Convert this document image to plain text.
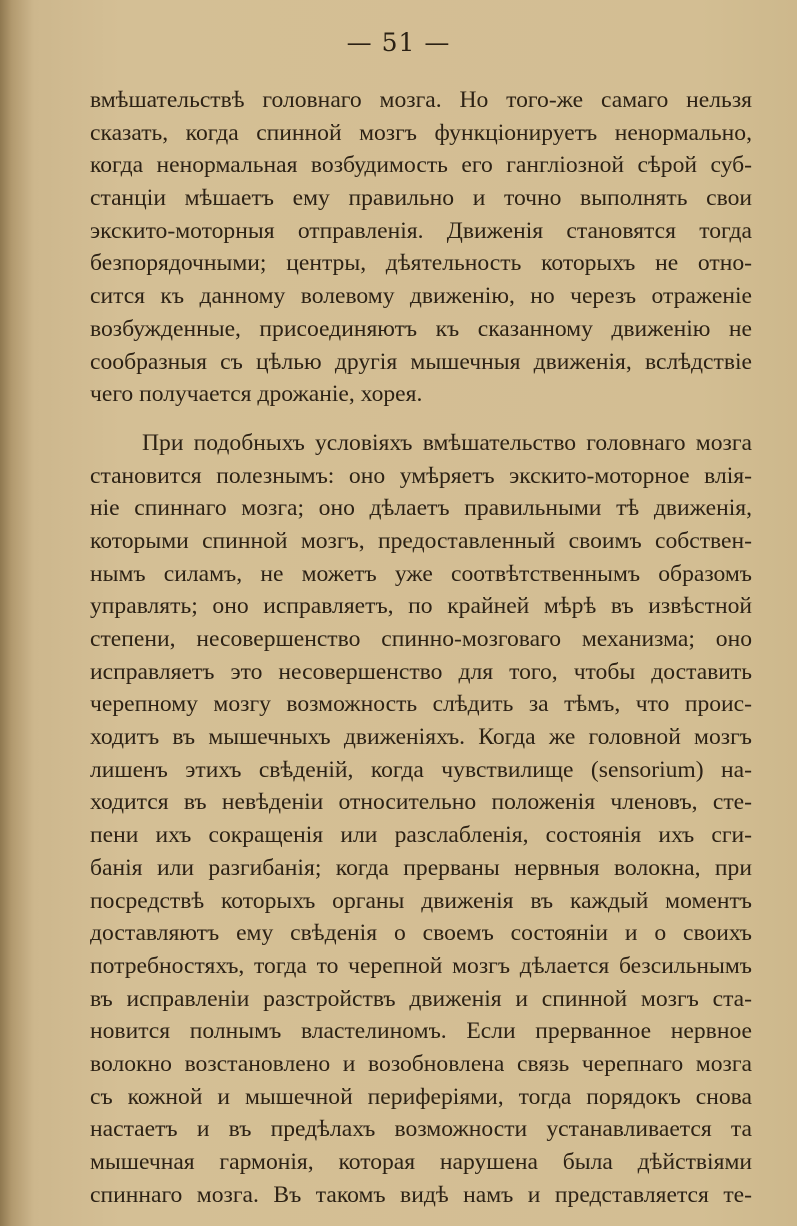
— 51 —
вмѣшательствѣ головнаго мозга. Но того-же самаго нельзя
сказать, когда спинной мозгъ функціонируетъ ненормально,
когда ненормальная возбудимость его гангліозной сѣрой суб-
станціи мѣшаетъ ему правильно и точно выполнять свои
экскито-моторныя отправленія. Движенія становятся тогда
безпорядочными; центры, дѣятельность которыхъ не отно-
сится къ данному волевому движенію, но черезъ отраженіе
возбужденные, присоединяютъ къ сказанному движенію не
сообразныя съ цѣлью другія мышечныя движенія, вслѣдствіе
чего получается дрожаніе, хорея.
При подобныхъ условіяхъ вмѣшательство головнаго мозга
становится полезнымъ: оно умѣряетъ экскито-моторное влія-
ніе спиннаго мозга; оно дѣлаетъ правильными тѣ движенія,
которыми спинной мозгъ, предоставленный своимъ собствен-
нымъ силамъ, не можетъ уже соотвѣтственнымъ образомъ
управлять; оно исправляетъ, по крайней мѣрѣ въ извѣстной
степени, несовершенство спинно-мозговаго механизма; оно
исправляетъ это несовершенство для того, чтобы доставить
черепному мозгу возможность слѣдить за тѣмъ, что проис-
ходитъ въ мышечныхъ движеніяхъ. Когда же головной мозгъ
лишенъ этихъ свѣденій, когда чувствилище (sensorium) на-
ходится въ невѣденіи относительно положенія членовъ, сте-
пени ихъ сокращенія или разслабленія, состоянія ихъ сги-
банія или разгибанія; когда прерваны нервныя волокна, при
посредствѣ которыхъ органы движенія въ каждый моментъ
доставляютъ ему свѣденія о своемъ состояніи и о своихъ
потребностяхъ, тогда то черепной мозгъ дѣлается безсильнымъ
въ исправленіи разстройствъ движенія и спинной мозгъ ста-
новится полнымъ властелиномъ. Если прерванное нервное
волокно возстановлено и возобновлена связь черепнаго мозга
съ кожной и мышечной периферіями, тогда порядокъ снова
настаетъ и въ предѣлахъ возможности устанавливается та
мышечная гармонія, которая нарушена была дѣйствіями
спиннаго мозга. Въ такомъ видѣ намъ и представляется те-
